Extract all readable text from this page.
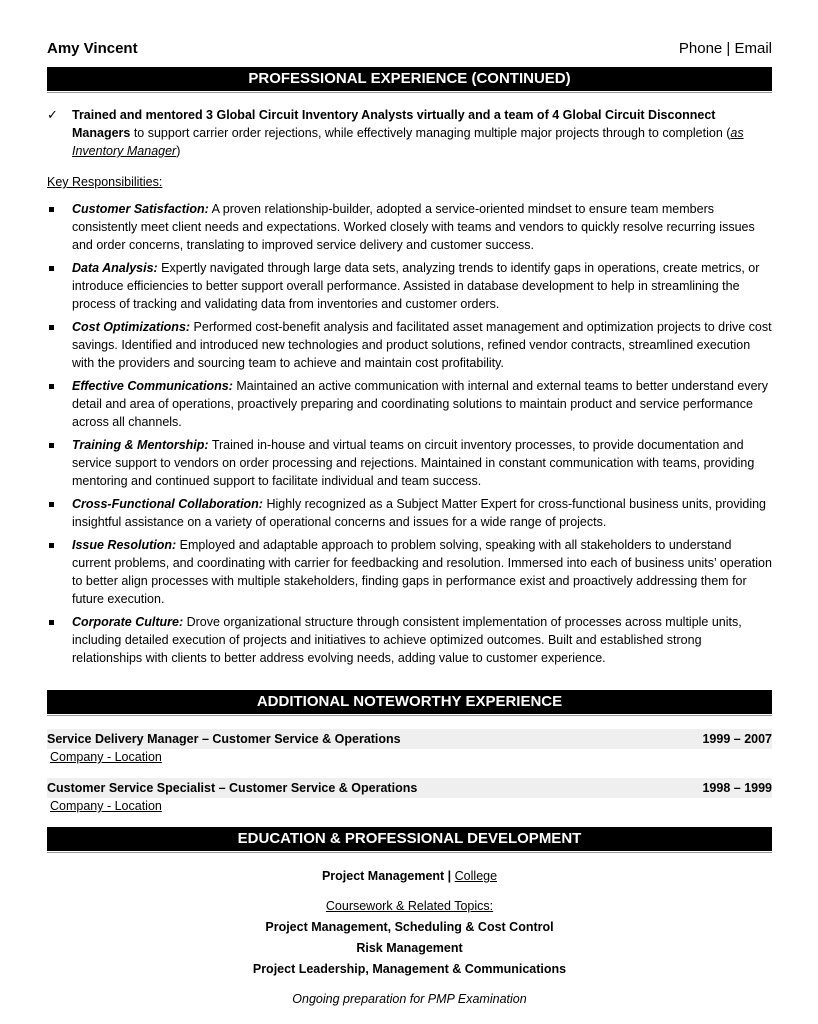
Amy Vincent	Phone | Email
PROFESSIONAL EXPERIENCE (CONTINUED)
✓ Trained and mentored 3 Global Circuit Inventory Analysts virtually and a team of 4 Global Circuit Disconnect Managers to support carrier order rejections, while effectively managing multiple major projects through to completion (as Inventory Manager)
Key Responsibilities:
Customer Satisfaction: A proven relationship-builder, adopted a service-oriented mindset to ensure team members consistently meet client needs and expectations. Worked closely with teams and vendors to quickly resolve recurring issues and order concerns, translating to improved service delivery and customer success.
Data Analysis: Expertly navigated through large data sets, analyzing trends to identify gaps in operations, create metrics, or introduce efficiencies to better support overall performance. Assisted in database development to help in streamlining the process of tracking and validating data from inventories and customer orders.
Cost Optimizations: Performed cost-benefit analysis and facilitated asset management and optimization projects to drive cost savings. Identified and introduced new technologies and product solutions, refined vendor contracts, streamlined execution with the providers and sourcing team to achieve and maintain cost profitability.
Effective Communications: Maintained an active communication with internal and external teams to better understand every detail and area of operations, proactively preparing and coordinating solutions to maintain product and service performance across all channels.
Training & Mentorship: Trained in-house and virtual teams on circuit inventory processes, to provide documentation and service support to vendors on order processing and rejections. Maintained in constant communication with teams, providing mentoring and continued support to facilitate individual and team success.
Cross-Functional Collaboration: Highly recognized as a Subject Matter Expert for cross-functional business units, providing insightful assistance on a variety of operational concerns and issues for a wide range of projects.
Issue Resolution: Employed and adaptable approach to problem solving, speaking with all stakeholders to understand current problems, and coordinating with carrier for feedbacking and resolution. Immersed into each of business units’ operation to better align processes with multiple stakeholders, finding gaps in performance exist and proactively addressing them for future execution.
Corporate Culture: Drove organizational structure through consistent implementation of processes across multiple units, including detailed execution of projects and initiatives to achieve optimized outcomes. Built and established strong relationships with clients to better address evolving needs, adding value to customer experience.
ADDITIONAL NOTEWORTHY EXPERIENCE
Service Delivery Manager – Customer Service & Operations	1999 – 2007
Company - Location
Customer Service Specialist – Customer Service & Operations	1998 – 1999
Company - Location
EDUCATION & PROFESSIONAL DEVELOPMENT
Project Management | College
Coursework & Related Topics:
Project Management, Scheduling & Cost Control
Risk Management
Project Leadership, Management & Communications
Ongoing preparation for PMP Examination
